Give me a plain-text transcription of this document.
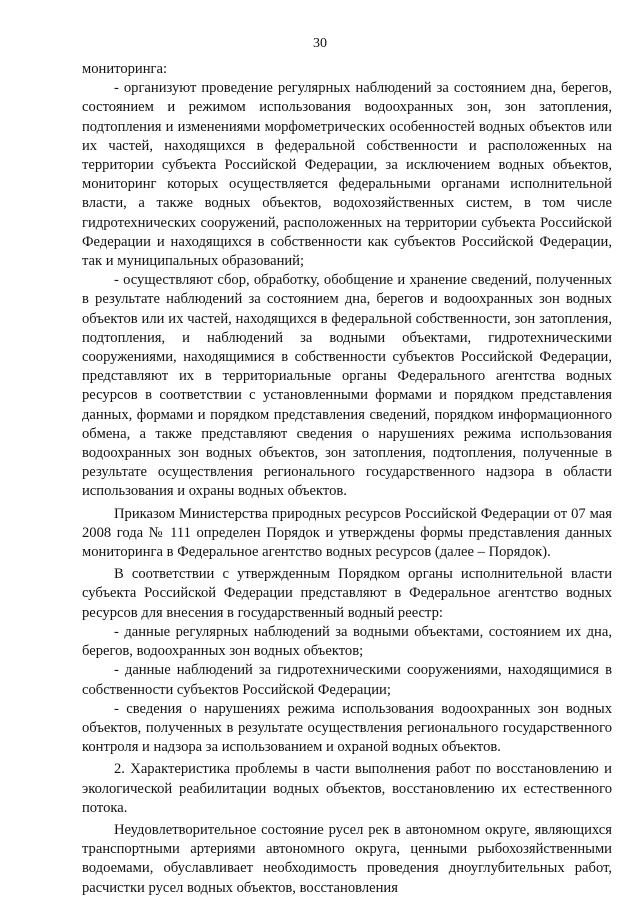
30

мониторинга:

- организуют проведение регулярных наблюдений за состоянием дна, берегов, состоянием и режимом использования водоохранных зон, зон затопления, подтопления и изменениями морфометрических особенностей водных объектов или их частей, находящихся в федеральной собственности и расположенных на территории субъекта Российской Федерации, за исключением водных объектов, мониторинг которых осуществляется федеральными органами исполнительной власти, а также водных объектов, водохозяйственных систем, в том числе гидротехнических сооружений, расположенных на территории субъекта Российской Федерации и находящихся в собственности как субъектов Российской Федерации, так и муниципальных образований;

- осуществляют сбор, обработку, обобщение и хранение сведений, полученных в результате наблюдений за состоянием дна, берегов и водоохранных зон водных объектов или их частей, находящихся в федеральной собственности, зон затопления, подтопления, и наблюдений за водными объектами, гидротехническими сооружениями, находящимися в собственности субъектов Российской Федерации, представляют их в территориальные органы Федерального агентства водных ресурсов в соответствии с установленными формами и порядком представления данных, формами и порядком представления сведений, порядком информационного обмена, а также представляют сведения о нарушениях режима использования водоохранных зон водных объектов, зон затопления, подтопления, полученные в результате осуществления регионального государственного надзора в области использования и охраны водных объектов.

Приказом Министерства природных ресурсов Российской Федерации от 07 мая 2008 года № 111 определен Порядок и утверждены формы представления данных мониторинга в Федеральное агентство водных ресурсов (далее – Порядок).

В соответствии с утвержденным Порядком органы исполнительной власти субъекта Российской Федерации представляют в Федеральное агентство водных ресурсов для внесения в государственный водный реестр:

- данные регулярных наблюдений за водными объектами, состоянием их дна, берегов, водоохранных зон водных объектов;

- данные наблюдений за гидротехническими сооружениями, находящимися в собственности субъектов Российской Федерации;

- сведения о нарушениях режима использования водоохранных зон водных объектов, полученных в результате осуществления регионального государственного контроля и надзора за использованием и охраной водных объектов.

2. Характеристика проблемы в части выполнения работ по восстановлению и экологической реабилитации водных объектов, восстановлению их естественного потока.

Неудовлетворительное состояние русел рек в автономном округе, являющихся транспортными артериями автономного округа, ценными рыбохозяйственными водоемами, обуславливает необходимость проведения дноуглубительных работ, расчистки русел водных объектов, восстановления
